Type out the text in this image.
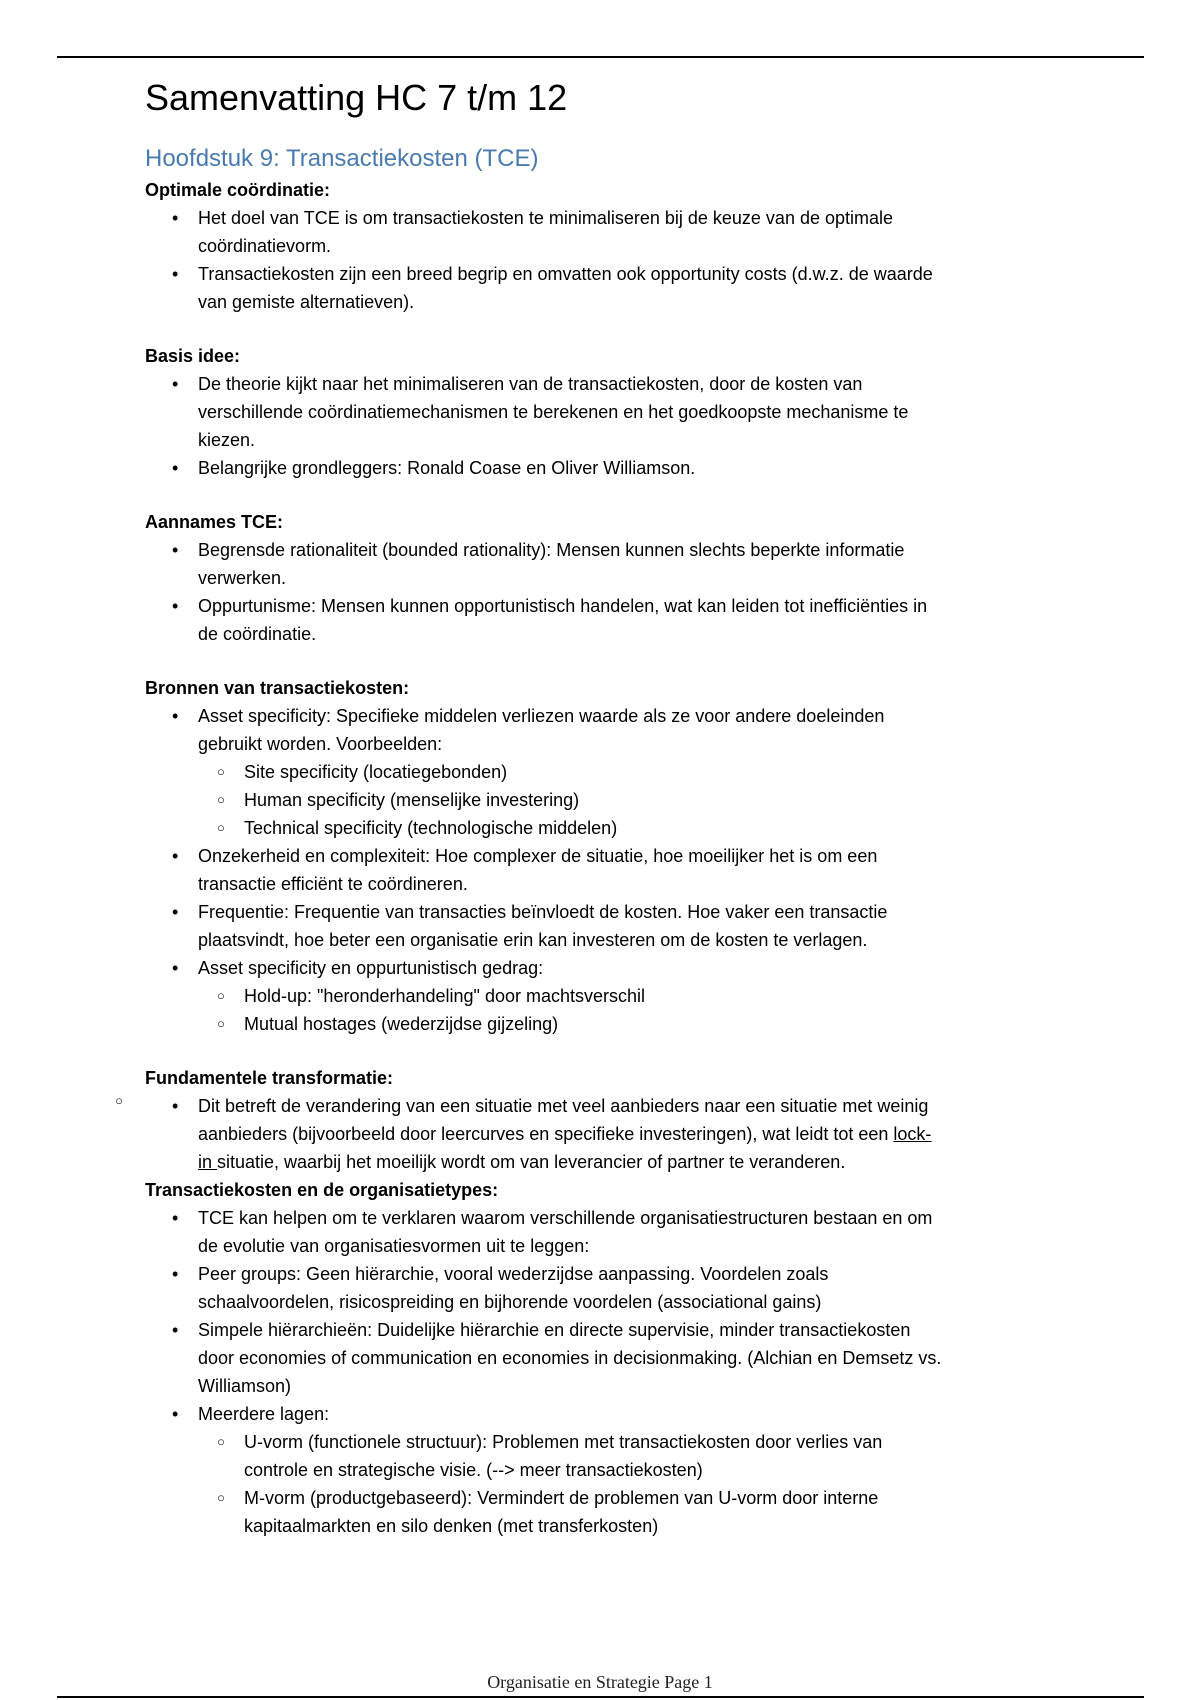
Samenvatting HC 7 t/m 12
Hoofdstuk 9: Transactiekosten (TCE)

Optimale coördinatie:

• Het doel van TCE is om transactiekosten te minimaliseren bij de keuze van de optimale coördinatievorm.
• Transactiekosten zijn een breed begrip en omvatten ook opportunity costs (d.w.z. de waarde van gemiste alternatieven).

Basis idee:

• De theorie kijkt naar het minimaliseren van de transactiekosten, door de kosten van verschillende coördinatiemechanismen te berekenen en het goedkoopste mechanisme te kiezen.
• Belangrijke grondleggers: Ronald Coase en Oliver Williamson.

Aannames TCE:

• Begrensde rationaliteit (bounded rationality): Mensen kunnen slechts beperkte informatie verwerken.
• Oppurtunisme: Mensen kunnen opportunistisch handelen, wat kan leiden tot inefficiënties in de coördinatie.

Bronnen van transactiekosten:

• Asset specificity: Specifieke middelen verliezen waarde als ze voor andere doeleinden gebruikt worden. Voorbeelden:
○ Site specificity (locatiegebonden)
○ Human specificity (menselijke investering)
○ Technical specificity (technologische middelen)
• Onzekerheid en complexiteit: Hoe complexer de situatie, hoe moeilijker het is om een transactie efficiënt te coördineren.
• Frequentie: Frequentie van transacties beïnvloedt de kosten. Hoe vaker een transactie plaatsvindt, hoe beter een organisatie erin kan investeren om de kosten te verlagen.
• Asset specificity en oppurtunistisch gedrag:
○ Hold-up: "heronderhandeling" door machtsverschil
○ Mutual hostages (wederzijdse gijzeling)

Fundamentele transformatie:

• Dit betreft de verandering van een situatie met veel aanbieders naar een situatie met weinig aanbieders (bijvoorbeeld door leercurves en specifieke investeringen), wat leidt tot een lock-in situatie, waarbij het moeilijk wordt om van leverancier of partner te veranderen.

Transactiekosten en de organisatietypes:

• TCE kan helpen om te verklaren waarom verschillende organisatiestructuren bestaan en om de evolutie van organisatiesvormen uit te leggen:
• Peer groups: Geen hiërarchie, vooral wederzijdse aanpassing. Voordelen zoals schaalvoordelen, risicospreiding en bijhorende voordelen (associational gains)
• Simpele hiërarchieën: Duidelijke hiërarchie en directe supervisie, minder transactiekosten door economies of communication en economies in decisionmaking. (Alchian en Demsetz vs. Williamson)
• Meerdere lagen:
○ U-vorm (functionele structuur): Problemen met transactiekosten door verlies van controle en strategische visie. (--> meer transactiekosten)
○ M-vorm (productgebaseerd): Vermindert de problemen van U-vorm door interne kapitaalmarkten en silo denken (met transferkosten)
○
Organisatie en Strategie Page 1
